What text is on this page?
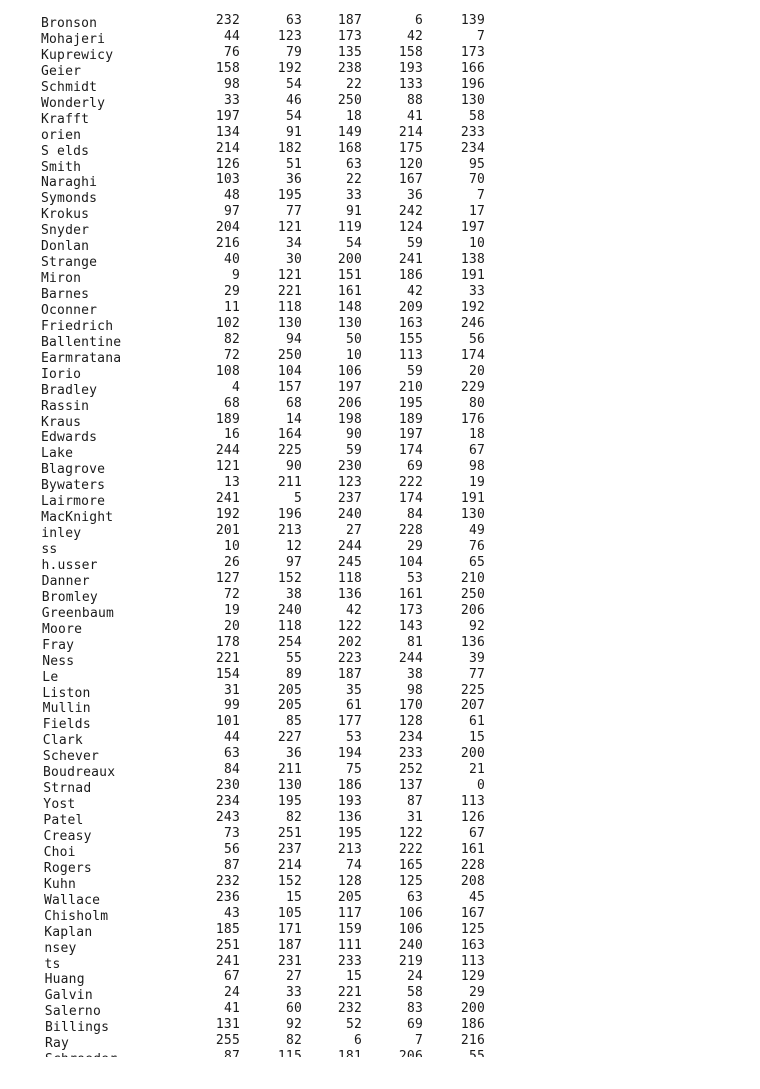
Bronson	232	63	187	6	139
Mohajeri	44	123	173	42	7
Kuprewicy	76	79	135	158	173
Geier	158	192	238	193	166
Schmidt	98	54	22	133	196
Wonderly	33	46	250	88	130
Krafft	197	54	18	41	58
orien	134	91	149	214	233
S elds	214	182	168	175	234
Smith	126	51	63	120	95
Naraghi	103	36	22	167	70
Symonds	48	195	33	36	7
Krokus	97	77	91	242	17
Snyder	204	121	119	124	197
Donlan	216	34	54	59	10
Strange	40	30	200	241	138
Miron	9	121	151	186	191
Barnes	29	221	161	42	33
Oconner	11	118	148	209	192
Friedrich	102	130	130	163	246
Ballentine	82	94	50	155	56
Earmratana	72	250	10	113	174
Iorio	108	104	106	59	20
Bradley	4	157	197	210	229
Rassin	68	68	206	195	80
Kraus	189	14	198	189	176
Edwards	16	164	90	197	18
Lake	244	225	59	174	67
Blagrove	121	90	230	69	98
Bywaters	13	211	123	222	19
Lairmore	241	5	237	174	191
MacKnight	192	196	240	84	130
inley	201	213	27	228	49
ss	10	12	244	29	76
h.usser	26	97	245	104	65
Danner	127	152	118	53	210
Bromley	72	38	136	161	250
Greenbaum	19	240	42	173	206
Moore	20	118	122	143	92
Fray	178	254	202	81	136
Ness	221	55	223	244	39
Le	154	89	187	38	77
Liston	31	205	35	98	225
Mullin	99	205	61	170	207
Fields	101	85	177	128	61
Clark	44	227	53	234	15
Schever	63	36	194	233	200
Boudreaux	84	211	75	252	21
Strnad	230	130	186	137	0
Yost	234	195	193	87	113
Patel	243	82	136	31	126
Creasy	73	251	195	122	67
Choi	56	237	213	222	161
Rogers	87	214	74	165	228
Kuhn	232	152	128	125	208
Wallace	236	15	205	63	45
Chisholm	43	105	117	106	167
Kaplan	185	171	159	106	125
nsey	251	187	111	240	163
ts	241	231	233	219	113
Huang	67	27	15	24	129
Galvin	24	33	221	58	29
Salerno	41	60	232	83	200
Billings	131	92	52	69	186
Ray	255	82	6	7	216
